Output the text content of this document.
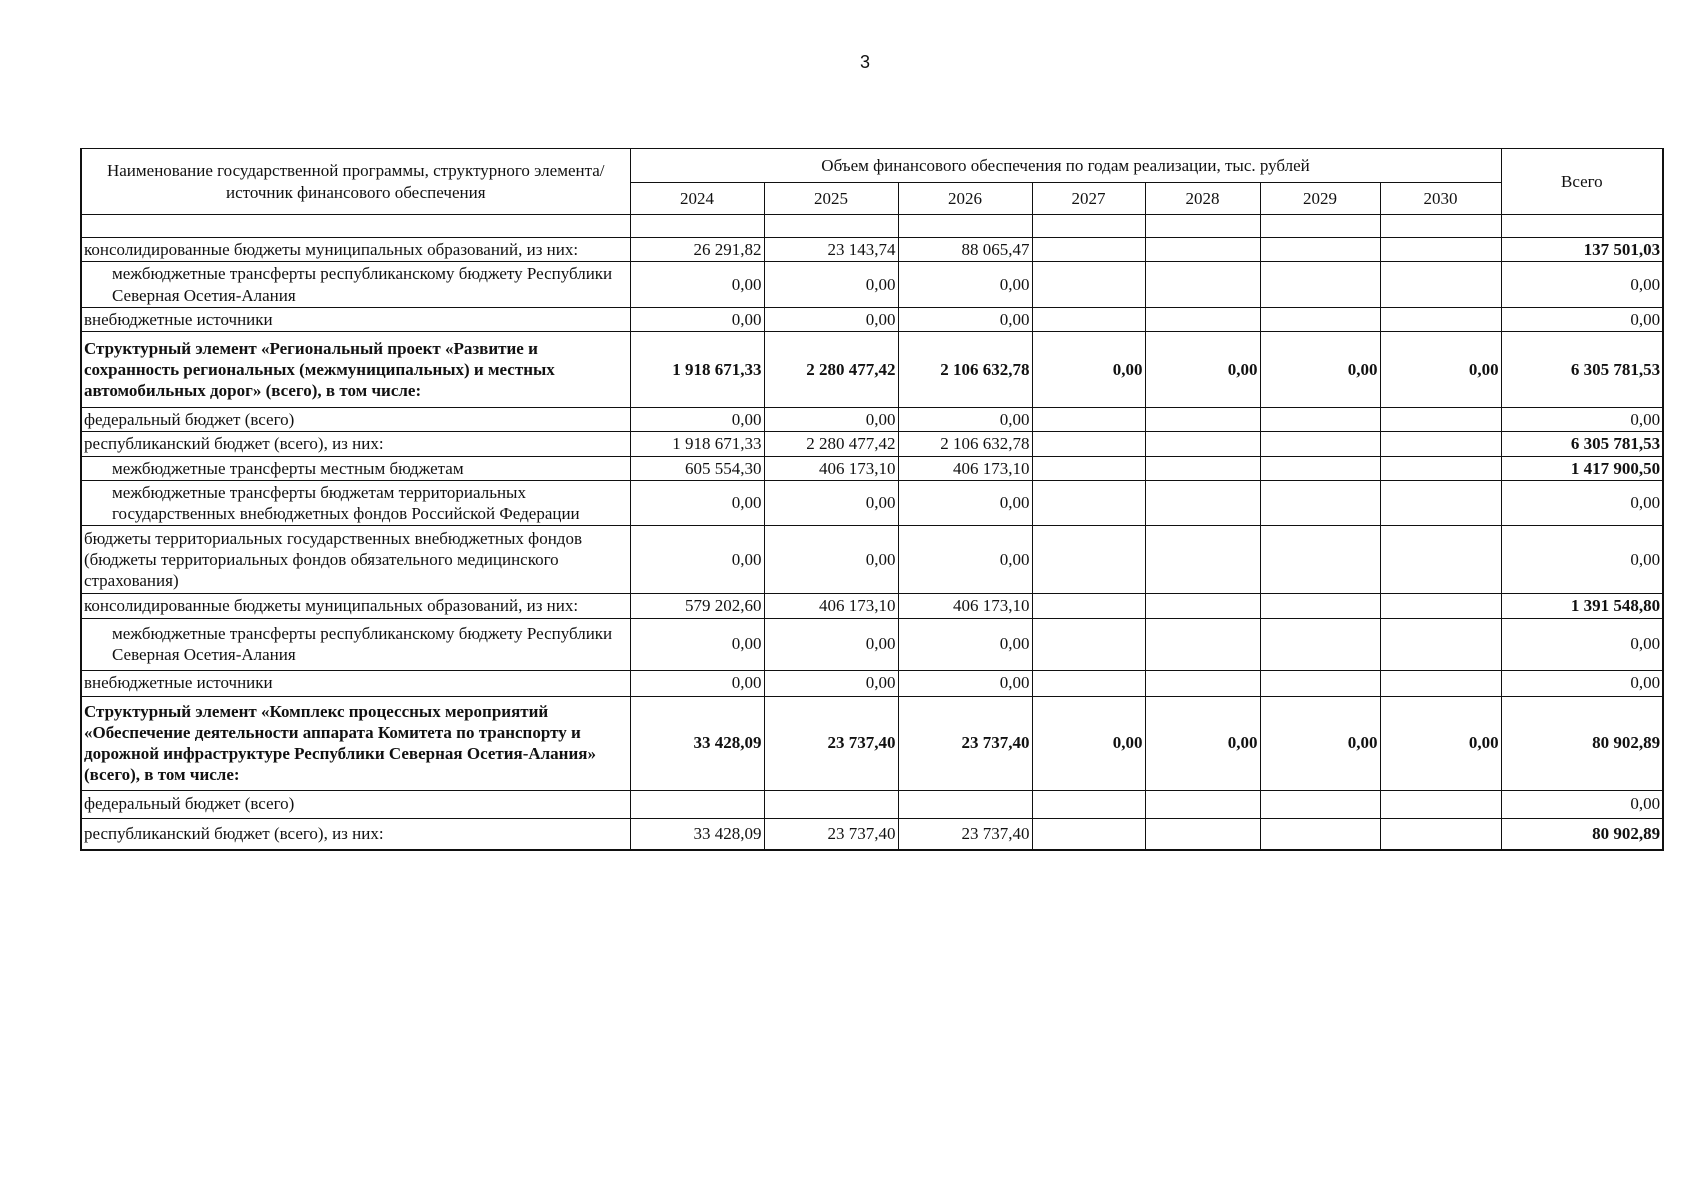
3
Наименование государственной программы, структурного элемента/источник финансового обеспечения	Объем финансового обеспечения по годам реализации, тыс. рублей							Всего
	2024	2025	2026	2027	2028	2029	2030	

консолидированные бюджеты муниципальных образований, из них:	26 291,82	23 143,74	88 065,47					137 501,03
межбюджетные трансферты республиканскому бюджету Республики Северная Осетия-Алания	0,00	0,00	0,00					0,00
внебюджетные источники	0,00	0,00	0,00					0,00
Структурный элемент «Региональный проект «Развитие и сохранность региональных (межмуниципальных) и местных автомобильных дорог» (всего), в том числе:	1 918 671,33	2 280 477,42	2 106 632,78	0,00	0,00	0,00	0,00	6 305 781,53
федеральный бюджет (всего)	0,00	0,00	0,00					0,00
республиканский бюджет (всего), из них:	1 918 671,33	2 280 477,42	2 106 632,78					6 305 781,53
межбюджетные трансферты местным бюджетам	605 554,30	406 173,10	406 173,10					1 417 900,50
межбюджетные трансферты бюджетам территориальных государственных внебюджетных фондов Российской Федерации	0,00	0,00	0,00					0,00
бюджеты территориальных государственных внебюджетных фондов (бюджеты территориальных фондов обязательного медицинского страхования)	0,00	0,00	0,00					0,00
консолидированные бюджеты муниципальных образований, из них:	579 202,60	406 173,10	406 173,10					1 391 548,80
межбюджетные трансферты республиканскому бюджету Республики Северная Осетия-Алания	0,00	0,00	0,00					0,00
внебюджетные источники	0,00	0,00	0,00					0,00
Структурный элемент «Комплекс процессных мероприятий «Обеспечение деятельности аппарата Комитета по транспорту и дорожной инфраструктуре Республики Северная Осетия-Алания» (всего), в том числе:	33 428,09	23 737,40	23 737,40	0,00	0,00	0,00	0,00	80 902,89
федеральный бюджет (всего)								0,00
республиканский бюджет (всего), из них:	33 428,09	23 737,40	23 737,40					80 902,89
